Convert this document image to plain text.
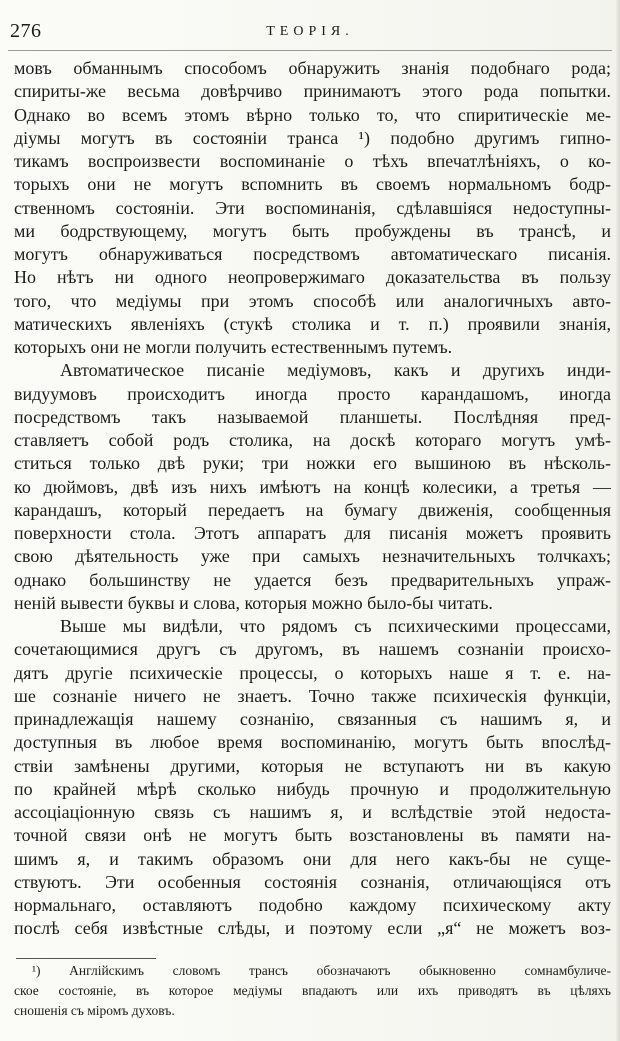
276	ТЕОРІЯ.
мовъ обманнымъ способомъ обнаружить знанія подобнаго рода;
спириты-же весьма довѣрчиво принимаютъ этого рода попытки.
Однако во всемъ этомъ вѣрно только то, что спиритическіе ме-
діумы могутъ въ состояніи транса ¹) подобно другимъ гипно-
тикамъ воспроизвести воспоминаніе о тѣхъ впечатлѣніяхъ, о ко-
торыхъ они не могутъ вспомнить въ своемъ нормальномъ бодр-
ственномъ состояніи. Эти воспоминанія, сдѣлавшіяся недоступны-
ми бодрствующему, могутъ быть пробуждены въ трансѣ, и
могутъ обнаруживаться посредствомъ автоматическаго писанія.
Но нѣтъ ни одного неопровержимаго доказательства въ пользу
того, что медіумы при этомъ способѣ или аналогичныхъ авто-
матическихъ явленіяхъ (стукѣ столика и т. п.) проявили знанія,
которыхъ они не могли получить естественнымъ путемъ.
Автоматическое писаніе медіумовъ, какъ и другихъ инди-
видуумовъ происходитъ иногда просто карандашомъ, иногда
посредствомъ такъ называемой планшеты. Послѣдняя пред-
ставляетъ собой родъ столика, на доскѣ котораго могутъ умѣ-
ститься только двѣ руки; три ножки его вышиною въ нѣсколь-
ко дюймовъ, двѣ изъ нихъ имѣютъ на концѣ колесики, а третья —
карандашъ, который передаетъ на бумагу движенія, сообщенныя
поверхности стола. Этотъ аппаратъ для писанія можетъ проявить
свою дѣятельность уже при самыхъ незначительныхъ толчкахъ;
однако большинству не удается безъ предварительныхъ упраж-
неній вывести буквы и слова, которыя можно было-бы читать.
Выше мы видѣли, что рядомъ съ психическими процессами,
сочетающимися другъ съ другомъ, въ нашемъ сознаніи происхо-
дятъ другіе психическіе процессы, о которыхъ наше я т. е. на-
ше сознаніе ничего не знаетъ. Точно также психическія функціи,
принадлежащія нашему сознанію, связанныя съ нашимъ я, и
доступныя въ любое время воспоминанію, могутъ быть впослѣд-
ствіи замѣнены другими, которыя не вступаютъ ни въ какую
по крайней мѣрѣ сколько нибудь прочную и продолжительную
ассоціаціонную связь съ нашимъ я, и вслѣдствіе этой недоста-
точной связи онѣ не могутъ быть возстановлены въ памяти на-
шимъ я, и такимъ образомъ они для него какъ-бы не суще-
ствуютъ. Эти особенныя состоянія сознанія, отличающіяся отъ
нормальнаго, оставляютъ подобно каждому психическому акту
послѣ себя извѣстные слѣды, и поэтому если „я“ не можетъ воз-
¹) Англійскимъ словомъ трансъ обозначаютъ обыкновенно сомнамбуличе-
ское состояніе, въ которое медіумы впадаютъ или ихъ приводятъ въ цѣляхъ
сношенія съ міромъ духовъ.
